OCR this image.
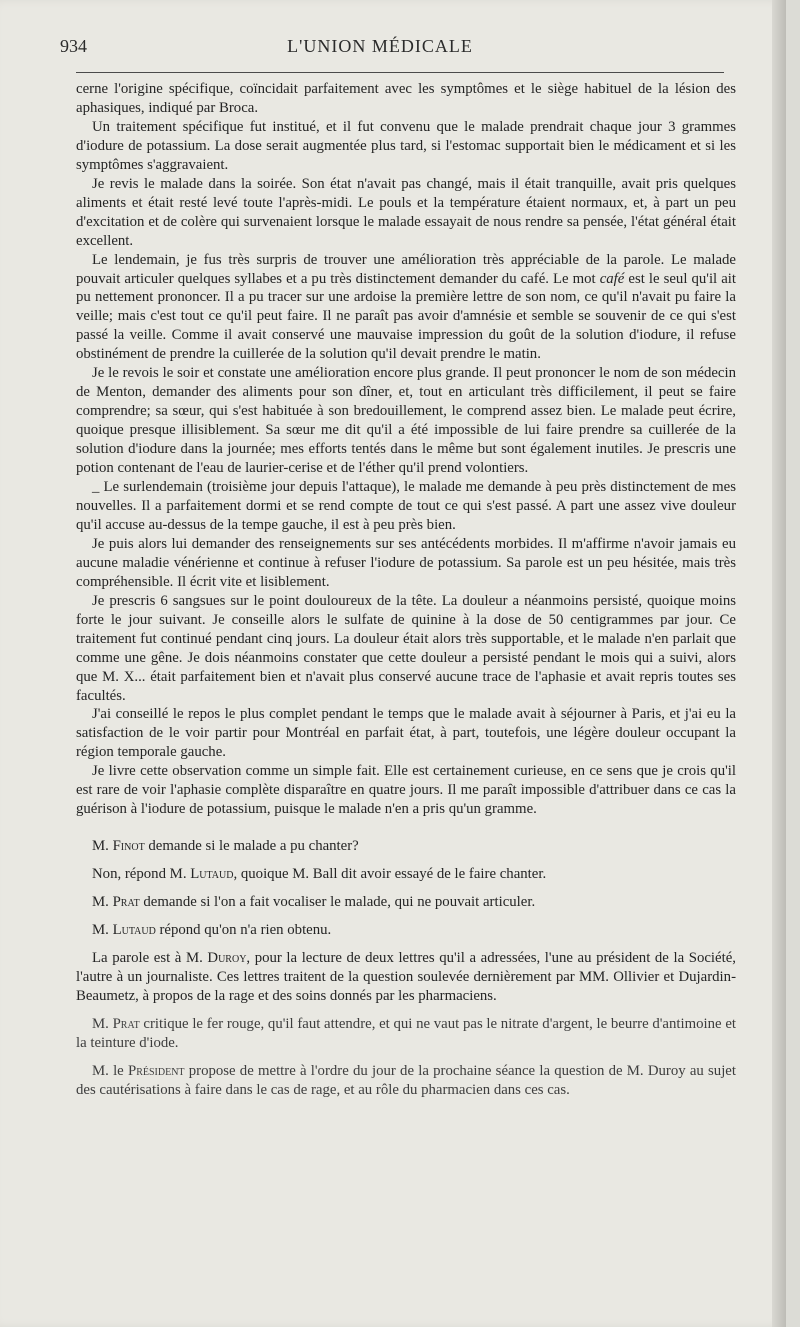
934	L'UNION MÉDICALE

cerne l'origine spécifique, coïncidait parfaitement avec les symptômes et le siège habituel de la lésion des aphasiques, indiqué par Broca.

Un traitement spécifique fut institué, et il fut convenu que le malade prendrait chaque jour 3 grammes d'iodure de potassium. La dose serait augmentée plus tard, si l'estomac supportait bien le médicament et si les symptômes s'aggravaient.

Je revis le malade dans la soirée. Son état n'avait pas changé, mais il était tranquille, avait pris quelques aliments et était resté levé toute l'après-midi. Le pouls et la température étaient normaux, et, à part un peu d'excitation et de colère qui survenaient lorsque le malade essayait de nous rendre sa pensée, l'état général était excellent.

Le lendemain, je fus très surpris de trouver une amélioration très appréciable de la parole. Le malade pouvait articuler quelques syllabes et a pu très distinctement demander du café. Le mot café est le seul qu'il ait pu nettement prononcer. Il a pu tracer sur une ardoise la première lettre de son nom, ce qu'il n'avait pu faire la veille; mais c'est tout ce qu'il peut faire. Il ne paraît pas avoir d'amnésie et semble se souvenir de ce qui s'est passé la veille. Comme il avait conservé une mauvaise impression du goût de la solution d'iodure, il refuse obstinément de prendre la cuillerée de la solution qu'il devait prendre le matin.

Je le revois le soir et constate une amélioration encore plus grande. Il peut prononcer le nom de son médecin de Menton, demander des aliments pour son dîner, et, tout en articulant très difficilement, il peut se faire comprendre; sa sœur, qui s'est habituée à son bredouillement, le comprend assez bien. Le malade peut écrire, quoique presque illisiblement. Sa sœur me dit qu'il a été impossible de lui faire prendre sa cuillerée de la solution d'iodure dans la journée; mes efforts tentés dans le même but sont également inutiles. Je prescris une potion contenant de l'eau de laurier-cerise et de l'éther qu'il prend volontiers.

_ Le surlendemain (troisième jour depuis l'attaque), le malade me demande à peu près distinctement de mes nouvelles. Il a parfaitement dormi et se rend compte de tout ce qui s'est passé. A part une assez vive douleur qu'il accuse au-dessus de la tempe gauche, il est à peu près bien.

Je puis alors lui demander des renseignements sur ses antécédents morbides. Il m'affirme n'avoir jamais eu aucune maladie vénérienne et continue à refuser l'iodure de potassium. Sa parole est un peu hésitée, mais très compréhensible. Il écrit vite et lisiblement.

Je prescris 6 sangsues sur le point douloureux de la tête. La douleur a néanmoins persisté, quoique moins forte le jour suivant. Je conseille alors le sulfate de quinine à la dose de 50 centigrammes par jour. Ce traitement fut continué pendant cinq jours. La douleur était alors très supportable, et le malade n'en parlait que comme une gêne. Je dois néanmoins constater que cette douleur a persisté pendant le mois qui a suivi, alors que M. X... était parfaitement bien et n'avait plus conservé aucune trace de l'aphasie et avait repris toutes ses facultés.

J'ai conseillé le repos le plus complet pendant le temps que le malade avait à séjourner à Paris, et j'ai eu la satisfaction de le voir partir pour Montréal en parfait état, à part, toutefois, une légère douleur occupant la région temporale gauche.

Je livre cette observation comme un simple fait. Elle est certainement curieuse, en ce sens que je crois qu'il est rare de voir l'aphasie complète disparaître en quatre jours. Il me paraît impossible d'attribuer dans ce cas la guérison à l'iodure de potassium, puisque le malade n'en a pris qu'un gramme.

M. Finot demande si le malade a pu chanter?

Non, répond M. Lutaud, quoique M. Ball dit avoir essayé de le faire chanter.

M. Prat demande si l'on a fait vocaliser le malade, qui ne pouvait articuler.

M. Lutaud répond qu'on n'a rien obtenu.

La parole est à M. Duroy, pour la lecture de deux lettres qu'il a adressées, l'une au président de la Société, l'autre à un journaliste. Ces lettres traitent de la question soulevée dernièrement par MM. Ollivier et Dujardin-Beaumetz, à propos de la rage et des soins donnés par les pharmaciens.

M. Prat critique le fer rouge, qu'il faut attendre, et qui ne vaut pas le nitrate d'argent, le beurre d'antimoine et la teinture d'iode.

M. le Président propose de mettre à l'ordre du jour de la prochaine séance la question de M. Duroy au sujet des cautérisations à faire dans le cas de rage, et au rôle du pharmacien dans ces cas.
